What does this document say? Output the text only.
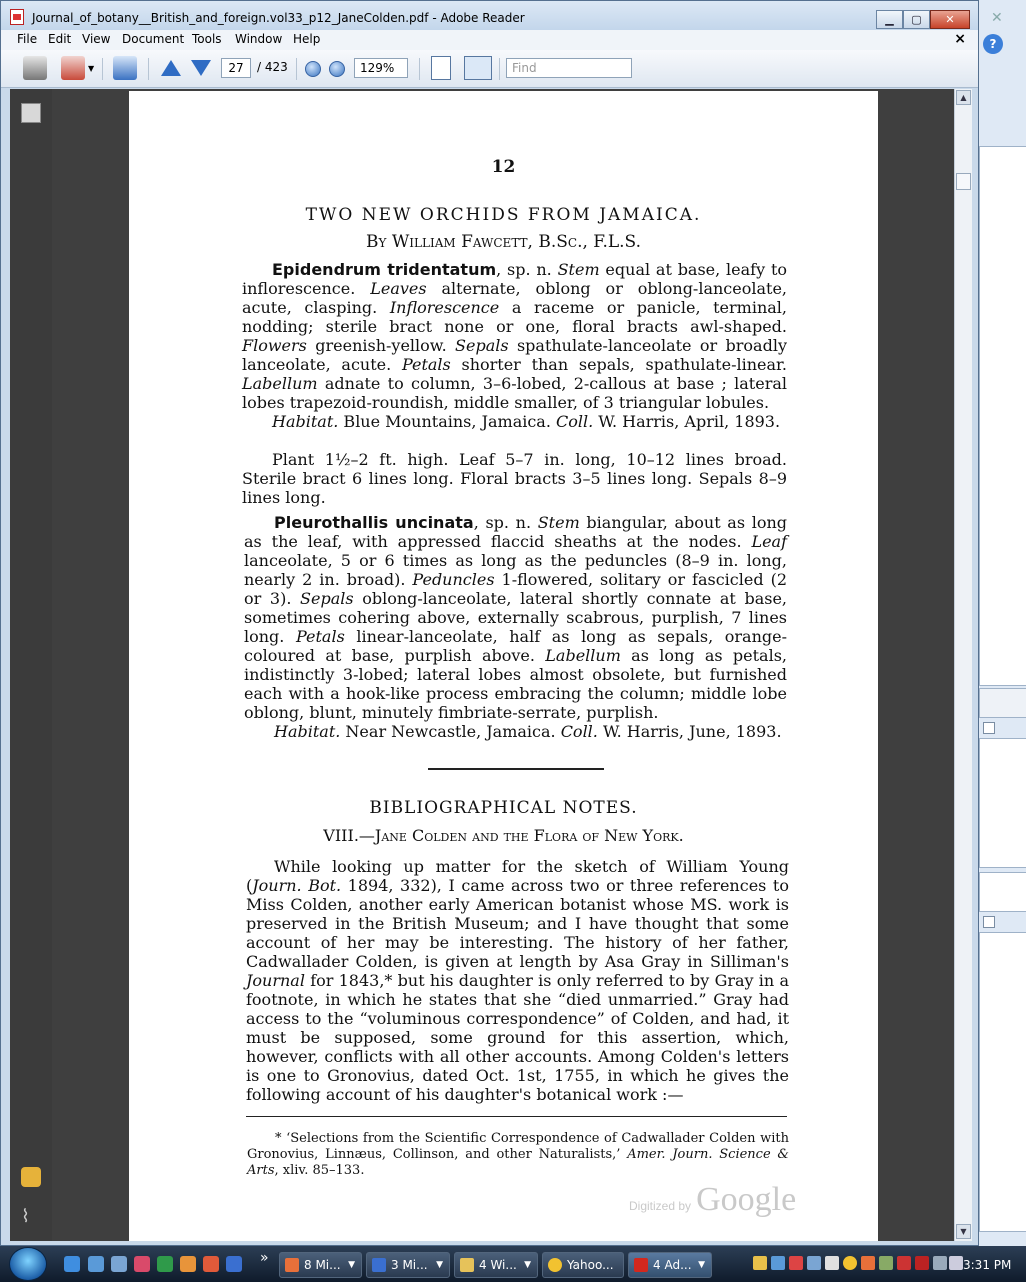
✕
?
Journal_of_botany__British_and_foreign.vol33_p12_JaneColden.pdf - Adobe Reader	▁	▢	✕
File Edit View Document Tools Window Help	×
▼	27	/ 423	129%	Find
⌇
12
TWO NEW ORCHIDS FROM JAMAICA.
By William Fawcett, B.Sc., F.L.S.
Epidendrum tridentatum, sp. n. Stem equal at base, leafy to inflorescence. Leaves alternate, oblong or oblong-lanceolate, acute, clasping. Inflorescence a raceme or panicle, terminal, nodding; sterile bract none or one, floral bracts awl-shaped. Flowers greenish-yellow. Sepals spathulate-lanceolate or broadly lanceolate, acute. Petals shorter than sepals, spathulate-linear. Labellum adnate to column, 3–6-lobed, 2-callous at base ; lateral lobes trapezoid-roundish, middle smaller, of 3 triangular lobules.
Habitat. Blue Mountains, Jamaica. Coll. W. Harris, April, 1893.
Plant 1½–2 ft. high. Leaf 5–7 in. long, 10–12 lines broad. Sterile bract 6 lines long. Floral bracts 3–5 lines long. Sepals 8–9 lines long.
Pleurothallis uncinata, sp. n. Stem biangular, about as long as the leaf, with appressed flaccid sheaths at the nodes. Leaf lanceolate, 5 or 6 times as long as the peduncles (8–9 in. long, nearly 2 in. broad). Peduncles 1-flowered, solitary or fascicled (2 or 3). Sepals oblong-lanceolate, lateral shortly connate at base, sometimes cohering above, externally scabrous, purplish, 7 lines long. Petals linear-lanceolate, half as long as sepals, orange-coloured at base, purplish above. Labellum as long as petals, indistinctly 3-lobed; lateral lobes almost obsolete, but furnished each with a hook-like process embracing the column; middle lobe oblong, blunt, minutely fimbriate-serrate, purplish.
Habitat. Near Newcastle, Jamaica. Coll. W. Harris, June, 1893.
BIBLIOGRAPHICAL NOTES.
VIII.—Jane Colden and the Flora of New York.
While looking up matter for the sketch of William Young (Journ. Bot. 1894, 332), I came across two or three references to Miss Colden, another early American botanist whose MS. work is preserved in the British Museum; and I have thought that some account of her may be interesting. The history of her father, Cadwallader Colden, is given at length by Asa Gray in Silliman's Journal for 1843,* but his daughter is only referred to by Gray in a footnote, in which he states that she “died unmarried.” Gray had access to the “voluminous correspondence” of Colden, and had, it must be supposed, some ground for this assertion, which, however, conflicts with all other accounts. Among Colden's letters is one to Gronovius, dated Oct. 1st, 1755, in which he gives the following account of his daughter's botanical work :—
* ‘Selections from the Scientific Correspondence of Cadwallader Colden with Gronovius, Linnæus, Collinson, and other Naturalists,’ Amer. Journ. Science & Arts, xliv. 85–133.
Digitized by Google
▲
▼
»	8 Mi... ▼	3 Mi... ▼	4 Wi... ▼	Yahoo...	4 Ad... ▼	3:31 PM
